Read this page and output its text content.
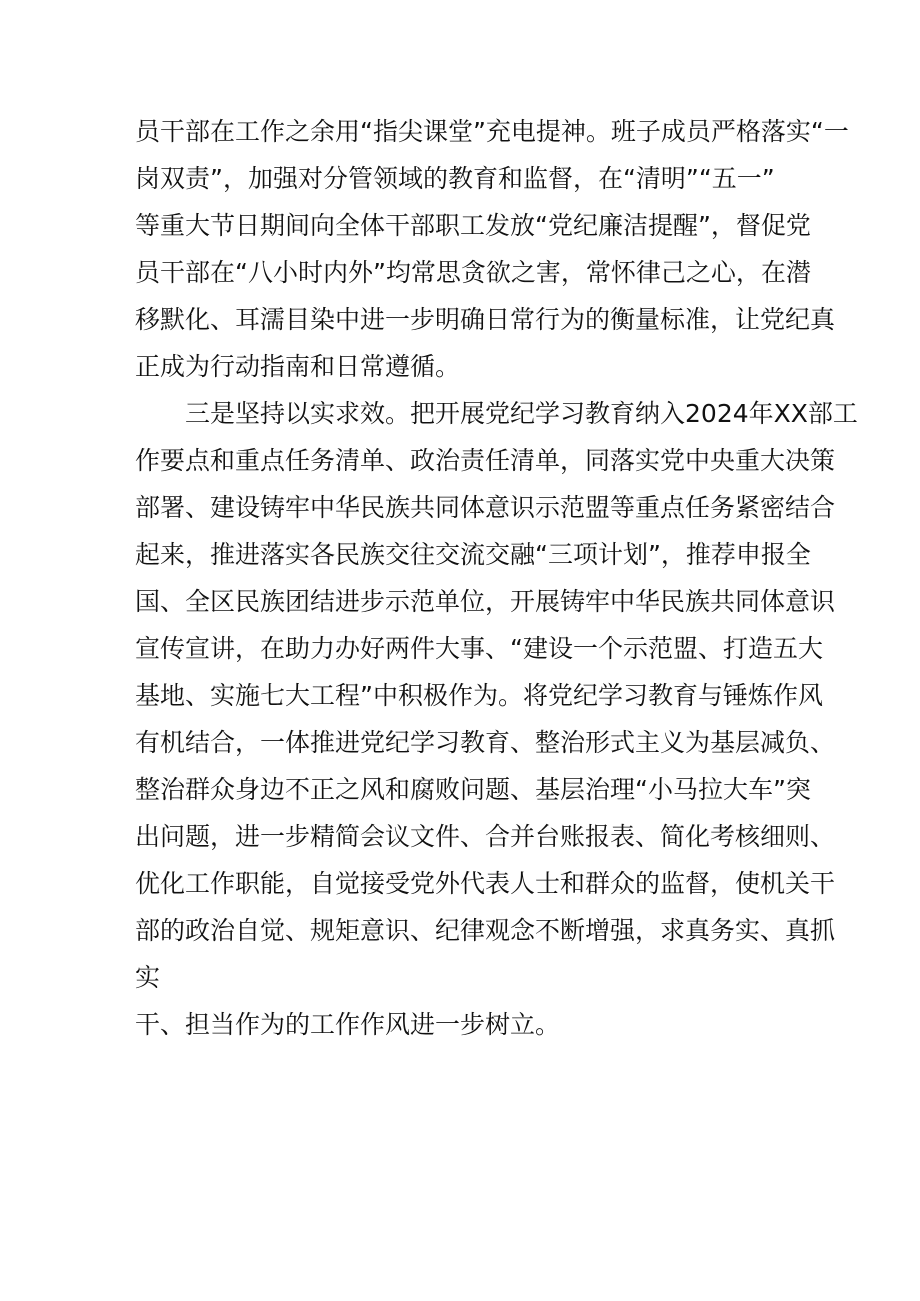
员干部在工作之余用“指尖课堂”充电提神。班子成员严格落实“一
岗双责”，加强对分管领域的教育和监督，在“清明”“五一”
等重大节日期间向全体干部职工发放“党纪廉洁提醒”，督促党
员干部在“八小时内外”均常思贪欲之害，常怀律己之心，在潜
移默化、耳濡目染中进一步明确日常行为的衡量标准，让党纪真
正成为行动指南和日常遵循。
　　三是坚持以实求效。把开展党纪学习教育纳入2024年XX部工
作要点和重点任务清单、政治责任清单，同落实党中央重大决策
部署、建设铸牢中华民族共同体意识示范盟等重点任务紧密结合
起来，推进落实各民族交往交流交融“三项计划”，推荐申报全
国、全区民族团结进步示范单位，开展铸牢中华民族共同体意识
宣传宣讲，在助力办好两件大事、“建设一个示范盟、打造五大
基地、实施七大工程”中积极作为。将党纪学习教育与锤炼作风
有机结合，一体推进党纪学习教育、整治形式主义为基层减负、
整治群众身边不正之风和腐败问题、基层治理“小马拉大车”突
出问题，进一步精简会议文件、合并台账报表、简化考核细则、
优化工作职能，自觉接受党外代表人士和群众的监督，使机关干
部的政治自觉、规矩意识、纪律观念不断增强，求真务实、真抓
实
干、担当作为的工作作风进一步树立。
